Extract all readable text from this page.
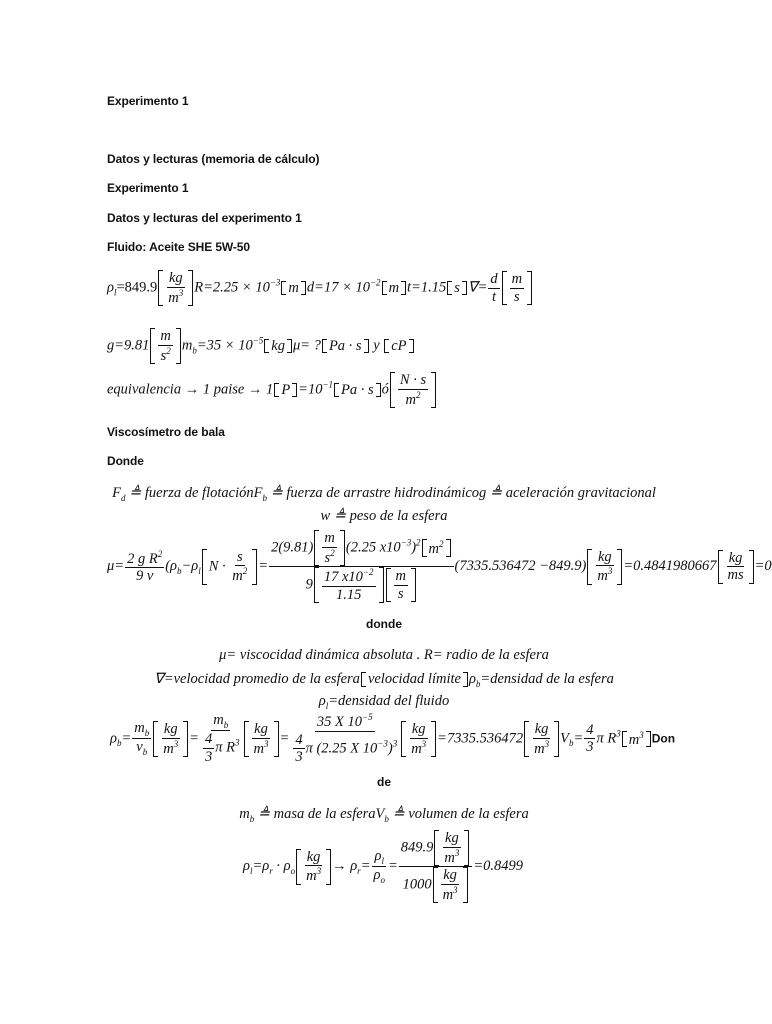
Experimento 1
Datos y lecturas (memoria de cálculo)
Experimento 1
Datos y lecturas del experimento 1
Fluido: Aceite SHE 5W-50
$\rho_l=849.9 \frac{kg}{m^3} R=2.25 \times 10^{-3}$ m $d=17 \times 10^{-2}$ m t=1.15 s ∇= $\frac{d}{t} \frac{m}{s}$
$g=9.81 \frac{m}{s^2} m_b=35 \times 10^{-5}$ kg μ= ? Pa · s y cP
equivalencia → 1 paise → 1 $P =10^{-1}$ Pa · s ó $\frac{N \cdot s}{m^2}$
Viscosímetro de bala
Donde
$F_d$ ≜ fuerza de flotaciónF$_b$ ≜ fuerza de arrastre hidrodinámicog ≜ aceleración gravitacional
w ≜ peso de la esfera
$\mu= \frac{2 g R^2}{9 \overline{v}} (\rho_b-\rho_l$ $N \cdot \frac{s}{m^2} = \frac{2(9.81) \frac{m}{s^2} (2.25 x10^{-3})^2 m^2}{9 \frac{17 x10^{-2}}{1.15} \frac{m}{s}} (7335.536472 -849.9) \frac{kg}{m^3} =0.4841980667 \frac{kg}{ms} =0$
donde
μ= viscocidad dinámica absoluta . R= radio de la esfera
∇=velocidad promedio de la esfera velocidad límite $\rho_b=densidad$ de la esfera
$\rho_l=densidad$ del fluido
$\rho_b= \frac{m_b}{v_b} \frac{kg}{m^3} = \frac{m_b}{\frac{4}{3} \pi R^3} \frac{kg}{m^3} = \frac{35 X 10^{-5}}{\frac{4}{3} \pi (2.25 X 10^{-3})^3} \frac{kg}{m^3} =7335.536472 \frac{kg}{m^3} V_b= \frac{4}{3}$ π $R^3$ $m^3$ Don
de
$m_b$ ≜ masa de la esferaV$_b$ ≜ volumen de la esfera
$\rho_l=\rho_r \cdot \rho_o \frac{kg}{m^3} \to \rho_r= \frac{\rho_l}{\rho_o} = \frac{849.9 \frac{kg}{m^3}}{1000 \frac{kg}{m^3}} =0.8499$
